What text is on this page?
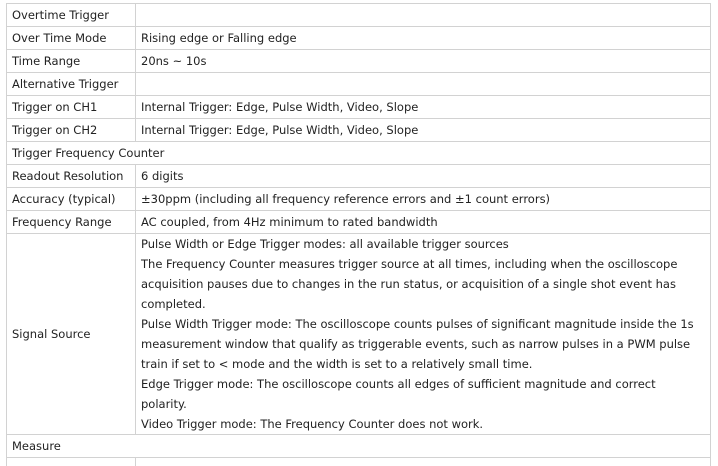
Overtime Trigger	
Over Time Mode	Rising edge or Falling edge
Time Range	20ns ~ 10s
Alternative Trigger	
Trigger on CH1	Internal Trigger: Edge, Pulse Width, Video, Slope
Trigger on CH2	Internal Trigger: Edge, Pulse Width, Video, Slope
Trigger Frequency Counter	
Readout Resolution	6 digits
Accuracy (typical)	±30ppm (including all frequency reference errors and ±1 count errors)
Frequency Range	AC coupled, from 4Hz minimum to rated bandwidth
Signal Source	Pulse Width or Edge Trigger modes: all available trigger sources
The Frequency Counter measures trigger source at all times, including when the oscilloscope acquisition pauses due to changes in the run status, or acquisition of a single shot event has completed.
Pulse Width Trigger mode: The oscilloscope counts pulses of significant magnitude inside the 1s measurement window that qualify as triggerable events, such as narrow pulses in a PWM pulse train if set to < mode and the width is set to a relatively small time.
Edge Trigger mode: The oscilloscope counts all edges of sufficient magnitude and correct polarity.
Video Trigger mode: The Frequency Counter does not work.

Measure	
